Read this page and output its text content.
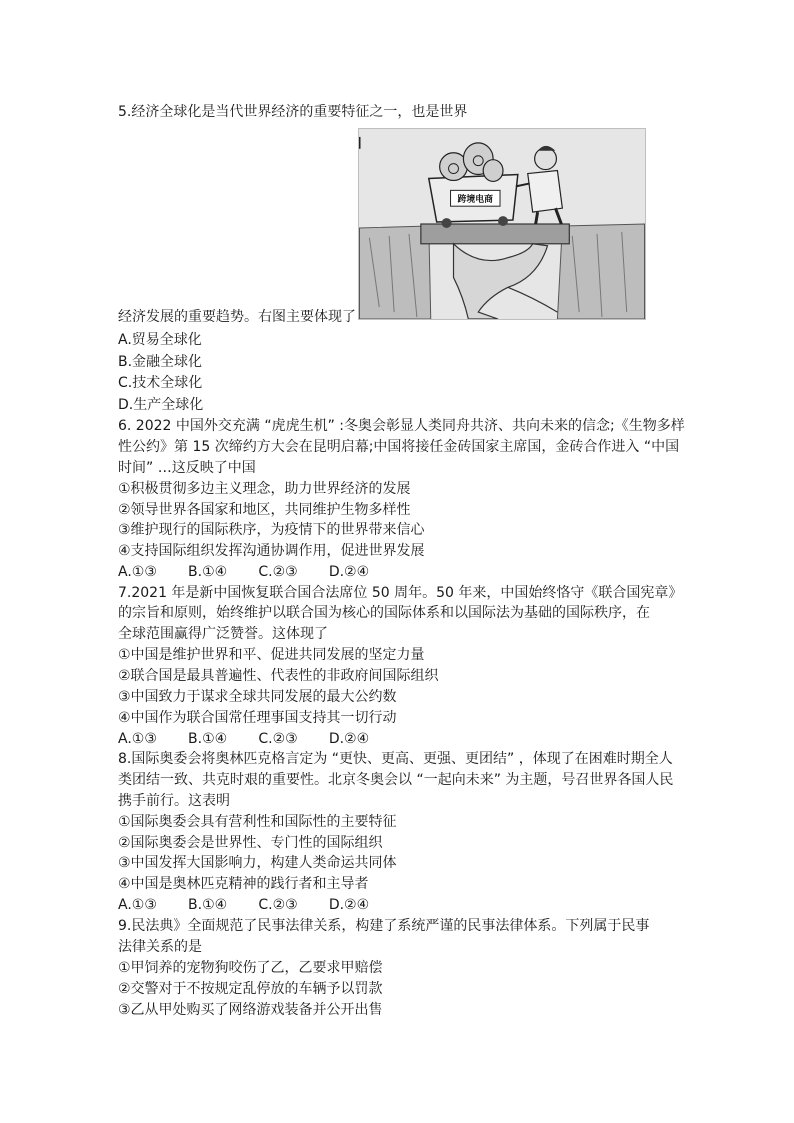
5.经济全球化是当代世界经济的重要特征之一，也是世界
跨境电商
经济发展的重要趋势。右图主要体现了
A.贸易全球化
B.金融全球化
C.技术全球化
D.生产全球化
6. 2022 中国外交充满 “虎虎生机” :冬奥会彰显人类同舟共济、共向未来的信念;《生物多样
性公约》第 15 次缔约方大会在昆明启幕;中国将接任金砖国家主席国，金砖合作进入 “中国
时间” …这反映了中国
①积极贯彻多边主义理念，助力世界经济的发展
②领导世界各国家和地区，共同维护生物多样性
③维护现行的国际秩序，为疫情下的世界带来信心
④支持国际组织发挥沟通协调作用，促进世界发展
A.①③       B.①④       C.②③       D.②④
7.2021 年是新中国恢复联合国合法席位 50 周年。50 年来，中国始终恪守《联合国宪章》
的宗旨和原则，始终维护以联合国为核心的国际体系和以国际法为基础的国际秩序，在
全球范围赢得广泛赞誉。这体现了
①中国是维护世界和平、促进共同发展的坚定力量
②联合国是最具普遍性、代表性的非政府间国际组织
③中国致力于谋求全球共同发展的最大公约数
④中国作为联合国常任理事国支持其一切行动
A.①③       B.①④       C.②③       D.②④
8.国际奥委会将奥林匹克格言定为 “更快、更高、更强、更团结” ，体现了在困难时期全人
类团结一致、共克时艰的重要性。北京冬奥会以 “一起向未来” 为主题，号召世界各国人民
携手前行。这表明
①国际奥委会具有营利性和国际性的主要特征
②国际奥委会是世界性、专门性的国际组织
③中国发挥大国影响力，构建人类命运共同体
④中国是奥林匹克精神的践行者和主导者
A.①③       B.①④       C.②③       D.②④
9.民法典》全面规范了民事法律关系，构建了系统严谨的民事法律体系。下列属于民事
法律关系的是
①甲饲养的宠物狗咬伤了乙，乙要求甲赔偿
②交警对于不按规定乱停放的车辆予以罚款
③乙从甲处购买了网络游戏装备并公开出售
